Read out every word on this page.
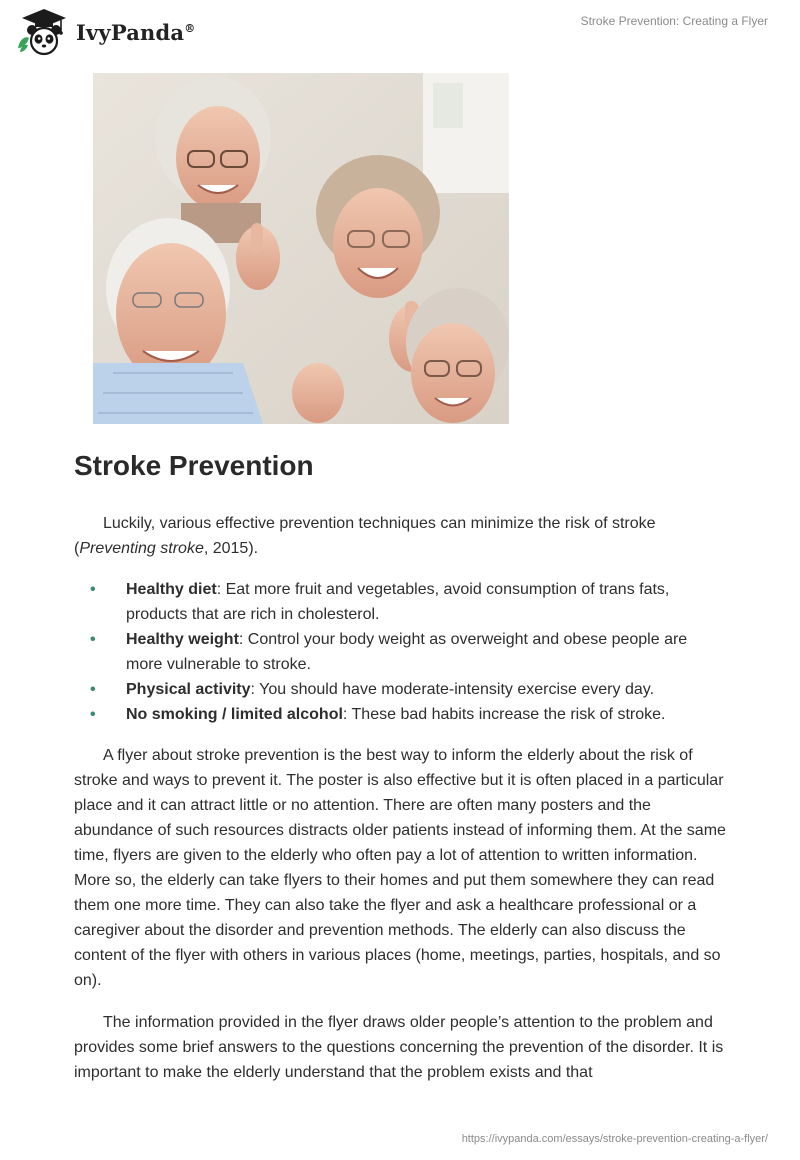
IvyPanda®	Stroke Prevention: Creating a Flyer
Stroke Prevention

Luckily, various effective prevention techniques can minimize the risk of stroke (Preventing stroke, 2015).

• Healthy diet: Eat more fruit and vegetables, avoid consumption of trans fats, products that are rich in cholesterol.
• Healthy weight: Control your body weight as overweight and obese people are more vulnerable to stroke.
• Physical activity: You should have moderate-intensity exercise every day.
• No smoking / limited alcohol: These bad habits increase the risk of stroke.

A flyer about stroke prevention is the best way to inform the elderly about the risk of stroke and ways to prevent it. The poster is also effective but it is often placed in a particular place and it can attract little or no attention. There are often many posters and the abundance of such resources distracts older patients instead of informing them. At the same time, flyers are given to the elderly who often pay a lot of attention to written information. More so, the elderly can take flyers to their homes and put them somewhere they can read them one more time. They can also take the flyer and ask a healthcare professional or a caregiver about the disorder and prevention methods. The elderly can also discuss the content of the flyer with others in various places (home, meetings, parties, hospitals, and so on).

The information provided in the flyer draws older people’s attention to the problem and provides some brief answers to the questions concerning the prevention of the disorder. It is important to make the elderly understand that the problem exists and that

https://ivypanda.com/essays/stroke-prevention-creating-a-flyer/
